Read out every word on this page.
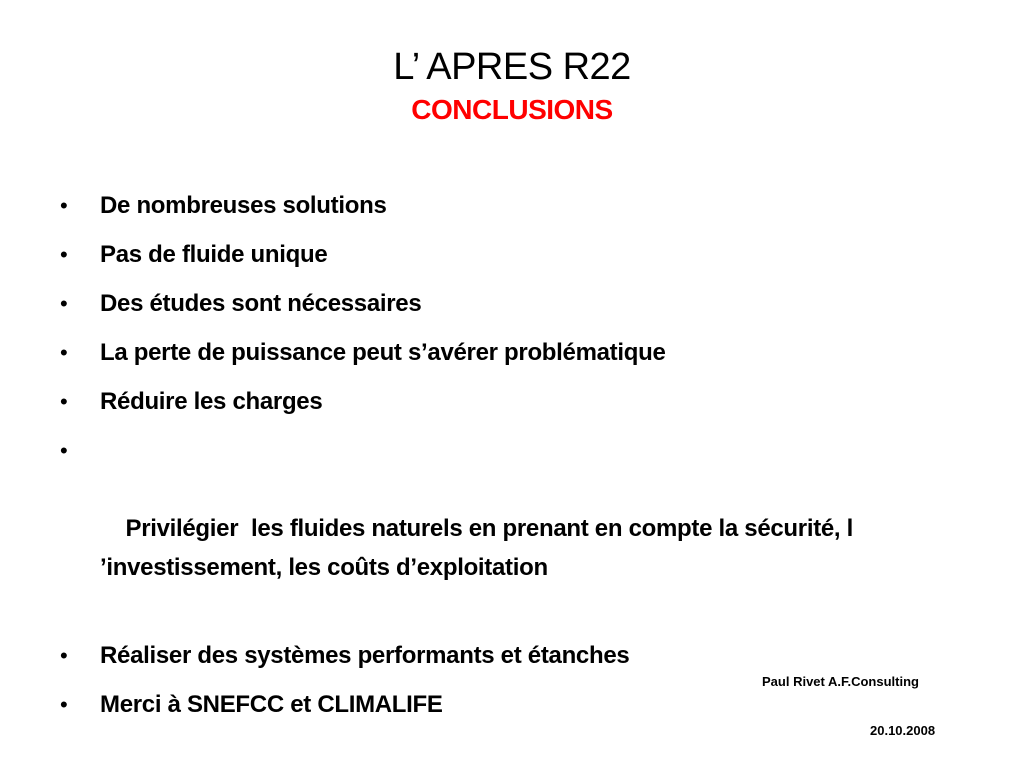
L’ APRES R22
CONCLUSIONS
• De nombreuses solutions
• Pas de fluide unique
• Des études sont nécessaires
• La perte de puissance peut s’avérer problématique
• Réduire les charges

•

Privilégier  les fluides naturels en prenant en compte la sécurité, l ’investissement, les coûts d’exploitation

• Réaliser des systèmes performants et étanches
• Merci à SNEFCC et CLIMALIFE
Paul Rivet A.F.Consulting
20.10.2008
